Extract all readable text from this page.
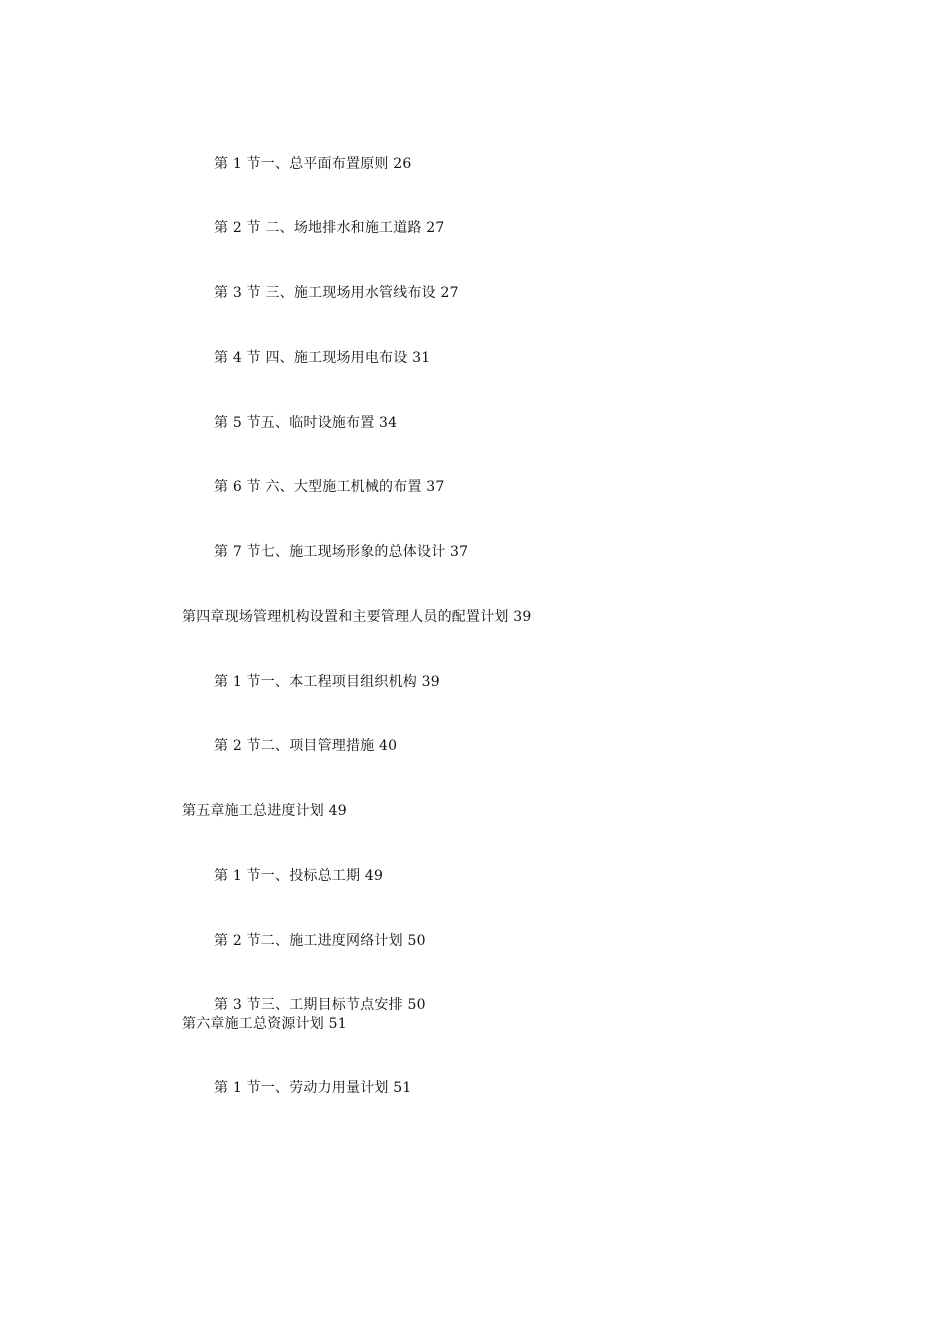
第 1 节一、总平面布置原则 26
第 2 节 二、场地排水和施工道路 27
第 3 节 三、施工现场用水管线布设 27
第 4 节 四、施工现场用电布设 31
第 5 节五、临时设施布置 34
第 6 节 六、大型施工机械的布置 37
第 7 节七、施工现场形象的总体设计 37
第四章现场管理机构设置和主要管理人员的配置计划 39
第 1 节一、本工程项目组织机构 39
第 2 节二、项目管理措施 40
第五章施工总进度计划 49
第 1 节一、投标总工期 49
第 2 节二、施工进度网络计划 50
第 3 节三、工期目标节点安排 50
第六章施工总资源计划 51
第 1 节一、劳动力用量计划 51
